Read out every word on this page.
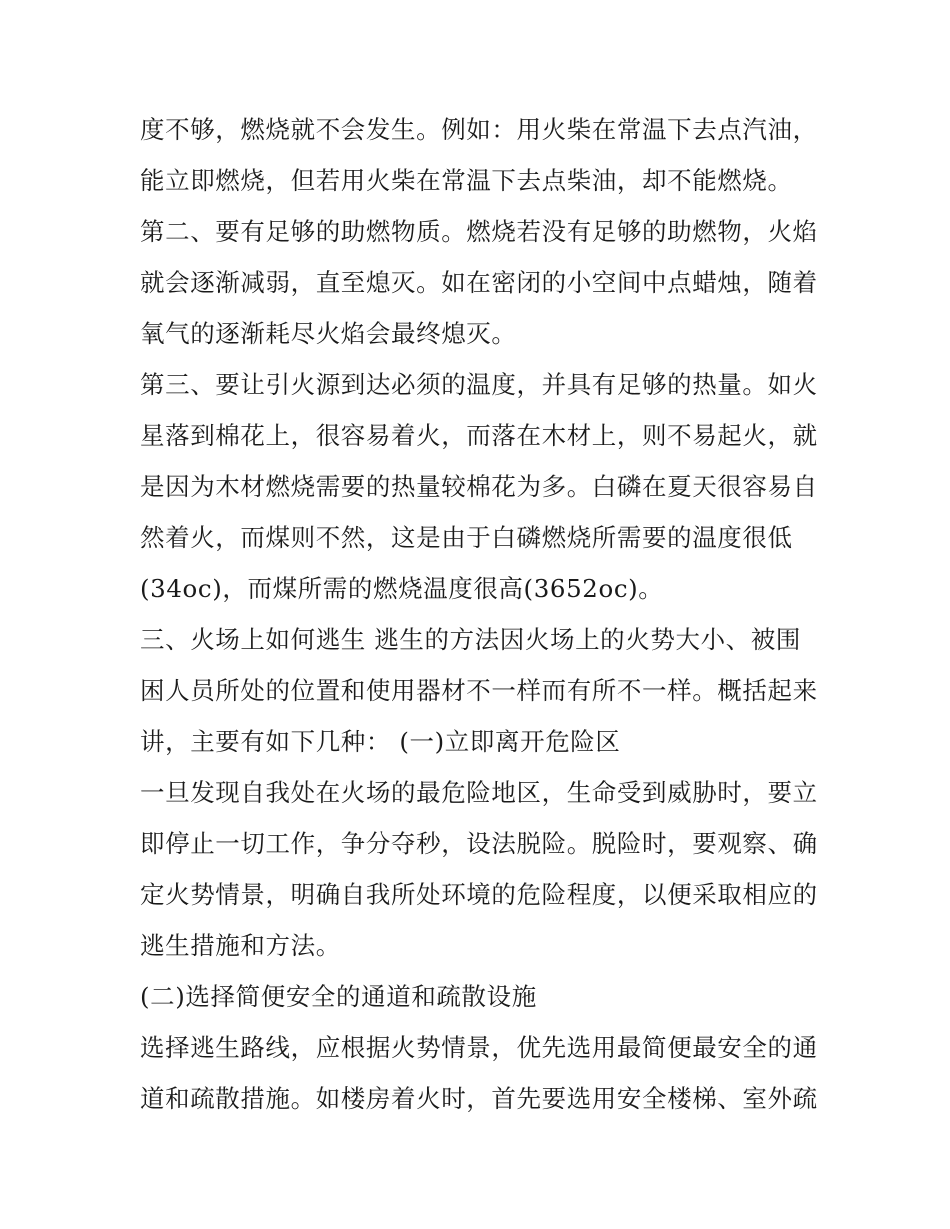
度不够，燃烧就不会发生。例如：用火柴在常温下去点汽油，
能立即燃烧，但若用火柴在常温下去点柴油，却不能燃烧。
第二、要有足够的助燃物质。燃烧若没有足够的助燃物，火焰
就会逐渐减弱，直至熄灭。如在密闭的小空间中点蜡烛，随着
氧气的逐渐耗尽火焰会最终熄灭。
第三、要让引火源到达必须的温度，并具有足够的热量。如火
星落到棉花上，很容易着火，而落在木材上，则不易起火，就
是因为木材燃烧需要的热量较棉花为多。白磷在夏天很容易自
然着火，而煤则不然，这是由于白磷燃烧所需要的温度很低
(34oc)，而煤所需的燃烧温度很高(3652oc)。
三、火场上如何逃生 逃生的方法因火场上的火势大小、被围
困人员所处的位置和使用器材不一样而有所不一样。概括起来
讲，主要有如下几种： (一)立即离开危险区
一旦发现自我处在火场的最危险地区，生命受到威胁时，要立
即停止一切工作，争分夺秒，设法脱险。脱险时，要观察、确
定火势情景，明确自我所处环境的危险程度，以便采取相应的
逃生措施和方法。
(二)选择简便安全的通道和疏散设施
选择逃生路线，应根据火势情景，优先选用最简便最安全的通
道和疏散措施。如楼房着火时，首先要选用安全楼梯、室外疏
